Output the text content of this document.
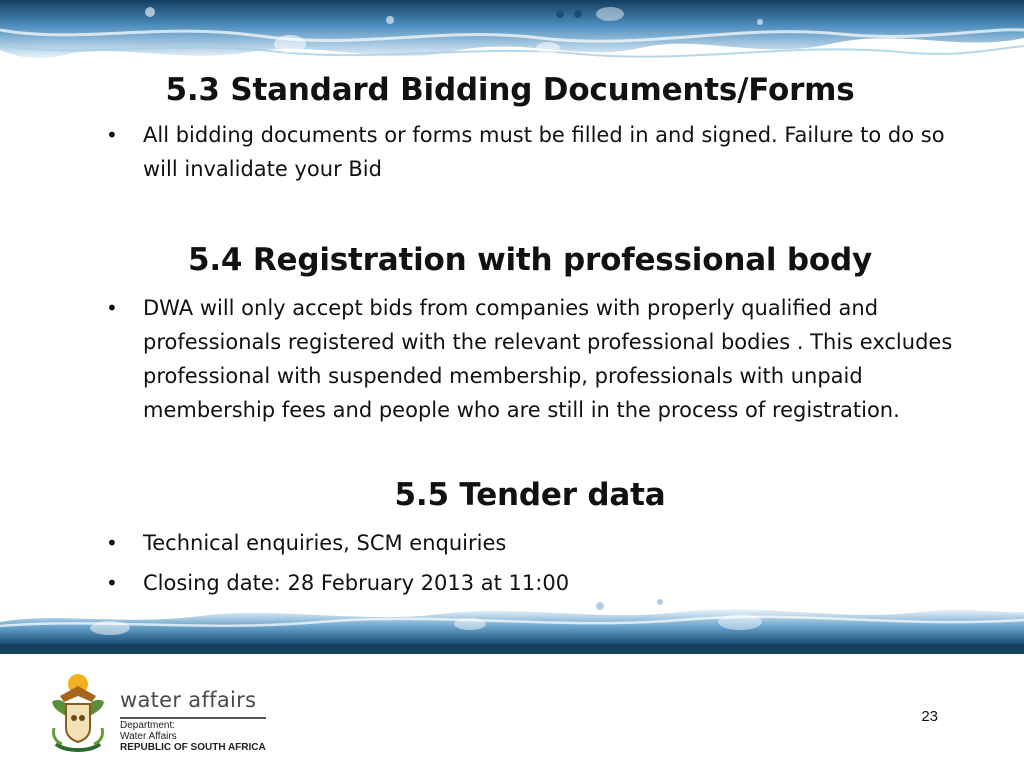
5.3 Standard Bidding Documents/Forms
• All bidding documents or forms must be filled in and signed. Failure to do so will invalidate your Bid
5.4 Registration with professional body
• DWA will only accept bids from companies with properly qualified and professionals registered with the relevant professional bodies . This excludes professional with suspended membership, professionals with unpaid membership fees and people who are still in the process of registration.
5.5 Tender data
• Technical enquiries, SCM enquiries
• Closing date: 28 February 2013 at 11:00

water affairs

Department:

Water Affairs

REPUBLIC OF SOUTH AFRICA

23
